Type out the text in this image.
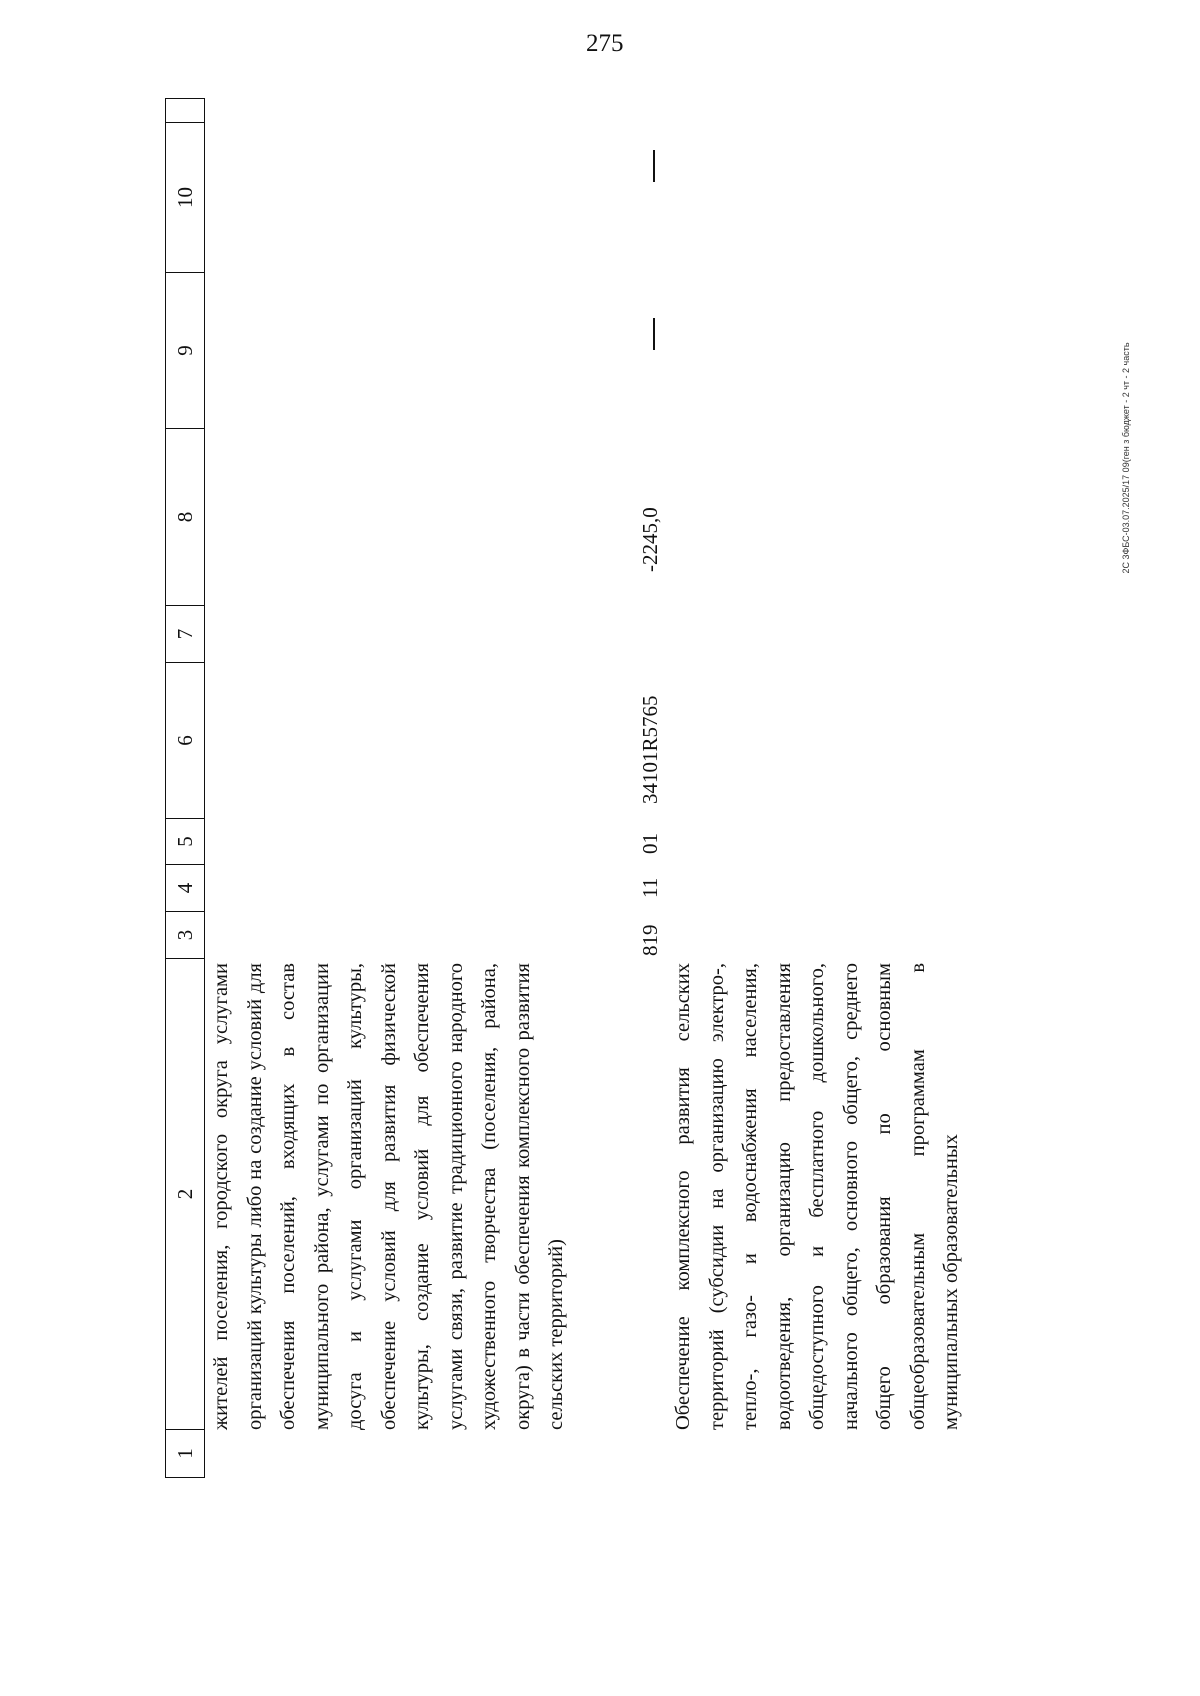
275
2C 3ФБС-03.07.2025/17 09(ген з бюджет - 2 чт - 2 часть
1
2
3
4
5
6
7
8
9
10
жителей поселения, городского округа услугами организаций культуры либо на создание условий для обеспечения поселений, входящих в состав муниципального района, услугами по организации досуга и услугами организаций культуры, обеспечение условий для развития физической культуры, создание условий для обеспечения услугами связи, развитие традиционного народного художественного творчества (поселения, района, округа) в части обеспечения комплексного развития сельских территорий)
819
11
01
34101R5765
-2245,0
Обеспечение комплексного развития сельских территорий (субсидии на организацию электро-, тепло-, газо- и водоснабжения населения, водоотведения, организацию предоставления общедоступного и бесплатного дошкольного, начального общего, основного общего, среднего общего образования по основным общеобразовательным программам в муниципальных образовательных
